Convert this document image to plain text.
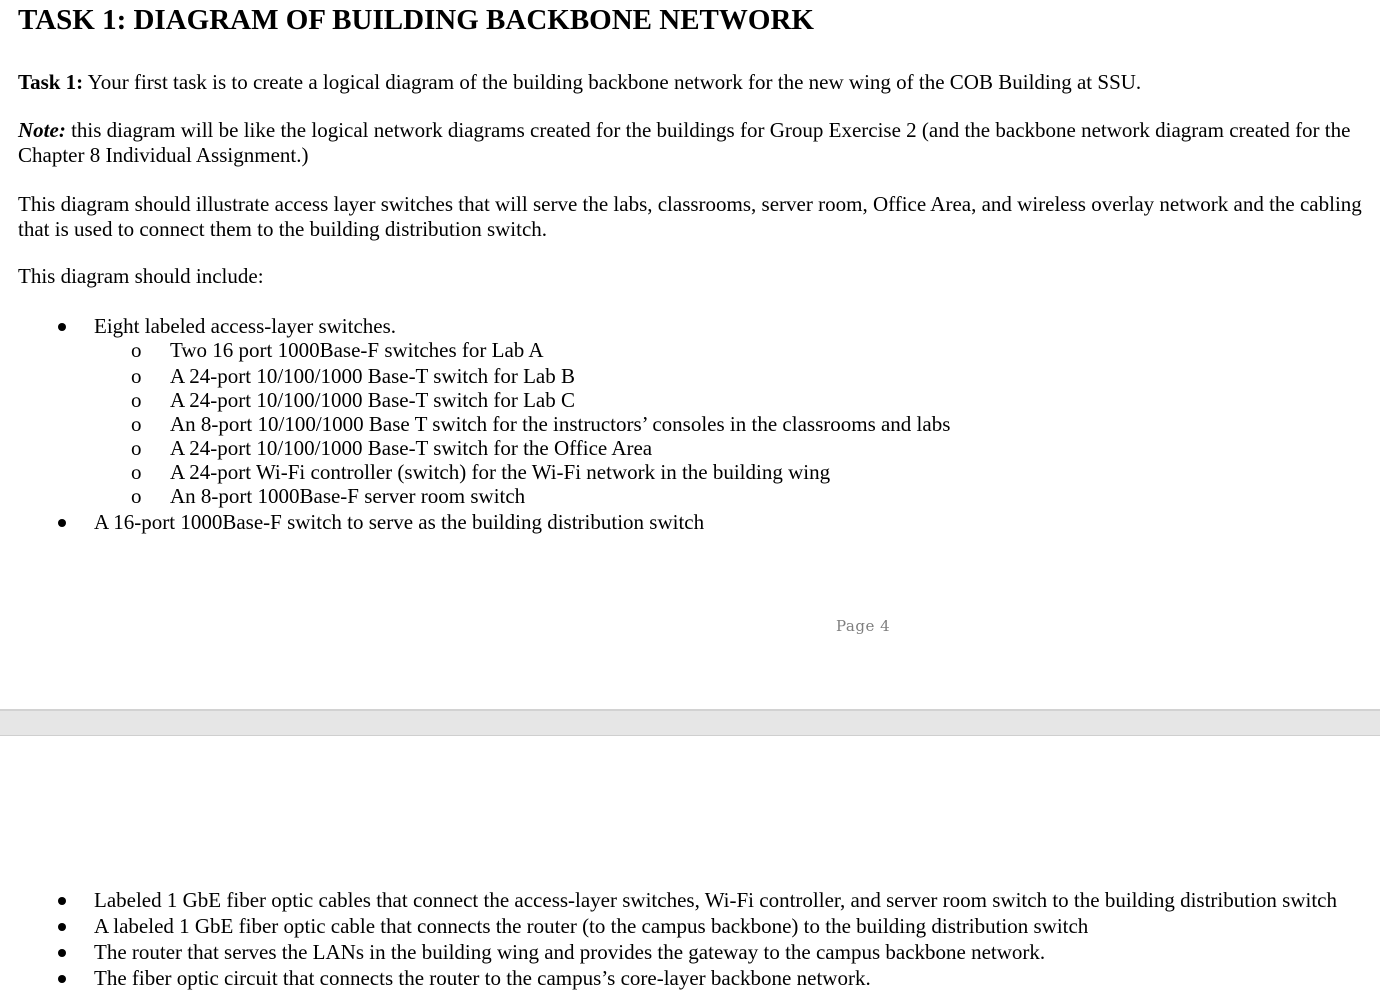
TASK 1: DIAGRAM OF BUILDING BACKBONE NETWORK

Task 1: Your first task is to create a logical diagram of the building backbone network for the new wing of the COB Building at SSU.

Note: this diagram will be like the logical network diagrams created for the buildings for Group Exercise 2 (and the backbone network diagram created for the Chapter 8 Individual Assignment.)

This diagram should illustrate access layer switches that will serve the labs, classrooms, server room, Office Area, and wireless overlay network and the cabling that is used to connect them to the building distribution switch.

This diagram should include:

Eight labeled access-layer switches.
o Two 16 port 1000Base-F switches for Lab A
o A 24-port 10/100/1000 Base-T switch for Lab B
o A 24-port 10/100/1000 Base-T switch for Lab C
o An 8-port 10/100/1000 Base T switch for the instructors’ consoles in the classrooms and labs
o A 24-port 10/100/1000 Base-T switch for the Office Area
o A 24-port Wi-Fi controller (switch) for the Wi-Fi network in the building wing
o An 8-port 1000Base-F server room switch
A 16-port 1000Base-F switch to serve as the building distribution switch
Page 4
Labeled 1 GbE fiber optic cables that connect the access-layer switches, Wi-Fi controller, and server room switch to the building distribution switch
A labeled 1 GbE fiber optic cable that connects the router (to the campus backbone) to the building distribution switch
The router that serves the LANs in the building wing and provides the gateway to the campus backbone network.
The fiber optic circuit that connects the router to the campus’s core-layer backbone network.
